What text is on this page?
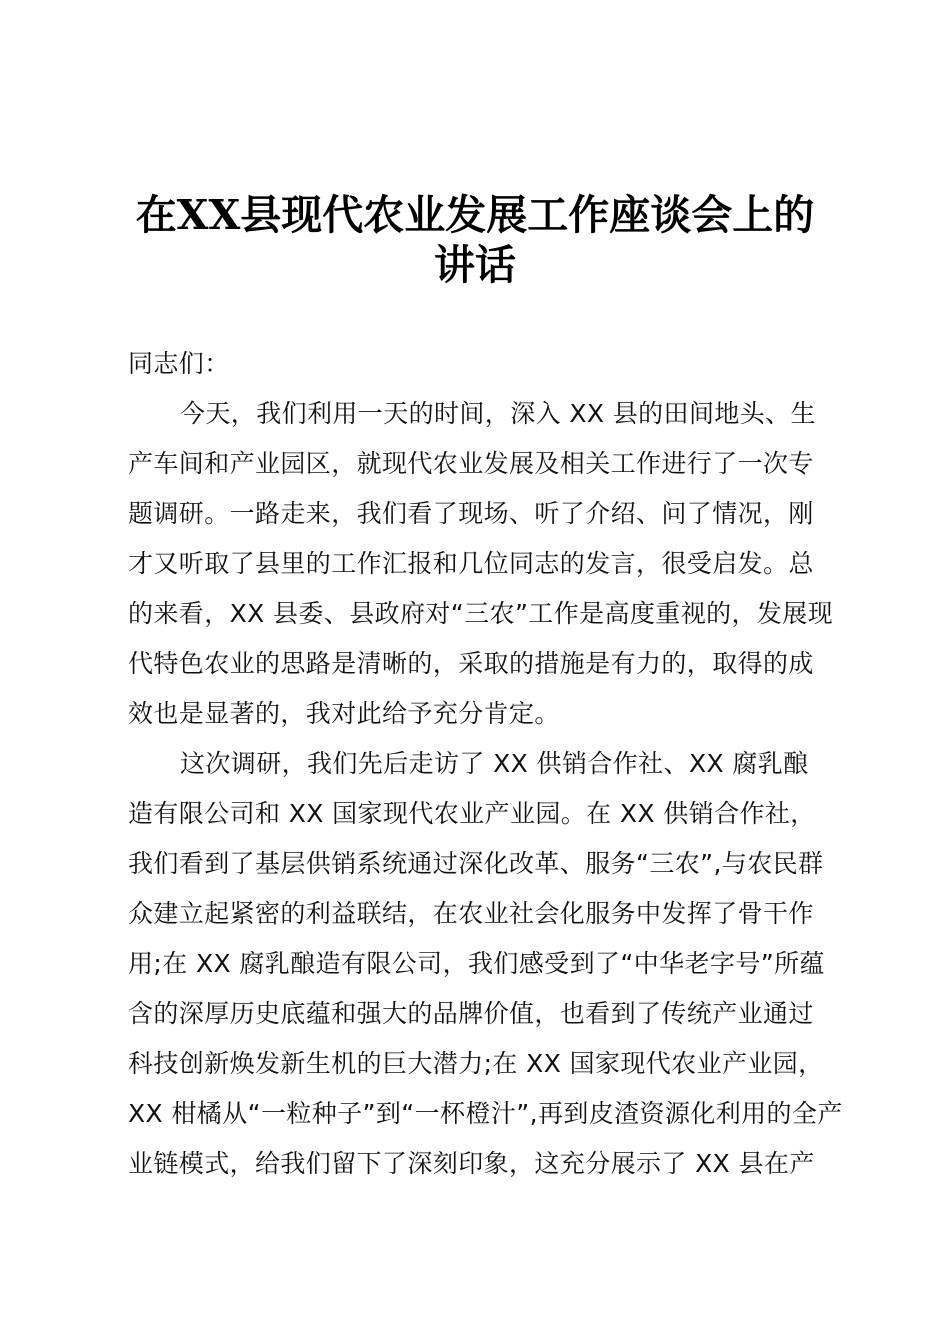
在XX县现代农业发展工作座谈会上的
讲话
同志们：
今天，我们利用一天的时间，深入 XX 县的田间地头、生
产车间和产业园区，就现代农业发展及相关工作进行了一次专
题调研。一路走来，我们看了现场、听了介绍、问了情况，刚
才又听取了县里的工作汇报和几位同志的发言，很受启发。总
的来看，XX 县委、县政府对“三农”工作是高度重视的，发展现
代特色农业的思路是清晰的，采取的措施是有力的，取得的成
效也是显著的，我对此给予充分肯定。
这次调研，我们先后走访了 XX 供销合作社、XX 腐乳酿
造有限公司和 XX 国家现代农业产业园。在 XX 供销合作社，
我们看到了基层供销系统通过深化改革、服务“三农”,与农民群
众建立起紧密的利益联结，在农业社会化服务中发挥了骨干作
用;在 XX 腐乳酿造有限公司，我们感受到了“中华老字号”所蕴
含的深厚历史底蕴和强大的品牌价值，也看到了传统产业通过
科技创新焕发新生机的巨大潜力;在 XX 国家现代农业产业园，
XX 柑橘从“一粒种子”到“一杯橙汁”,再到皮渣资源化利用的全产
业链模式，给我们留下了深刻印象，这充分展示了 XX 县在产
